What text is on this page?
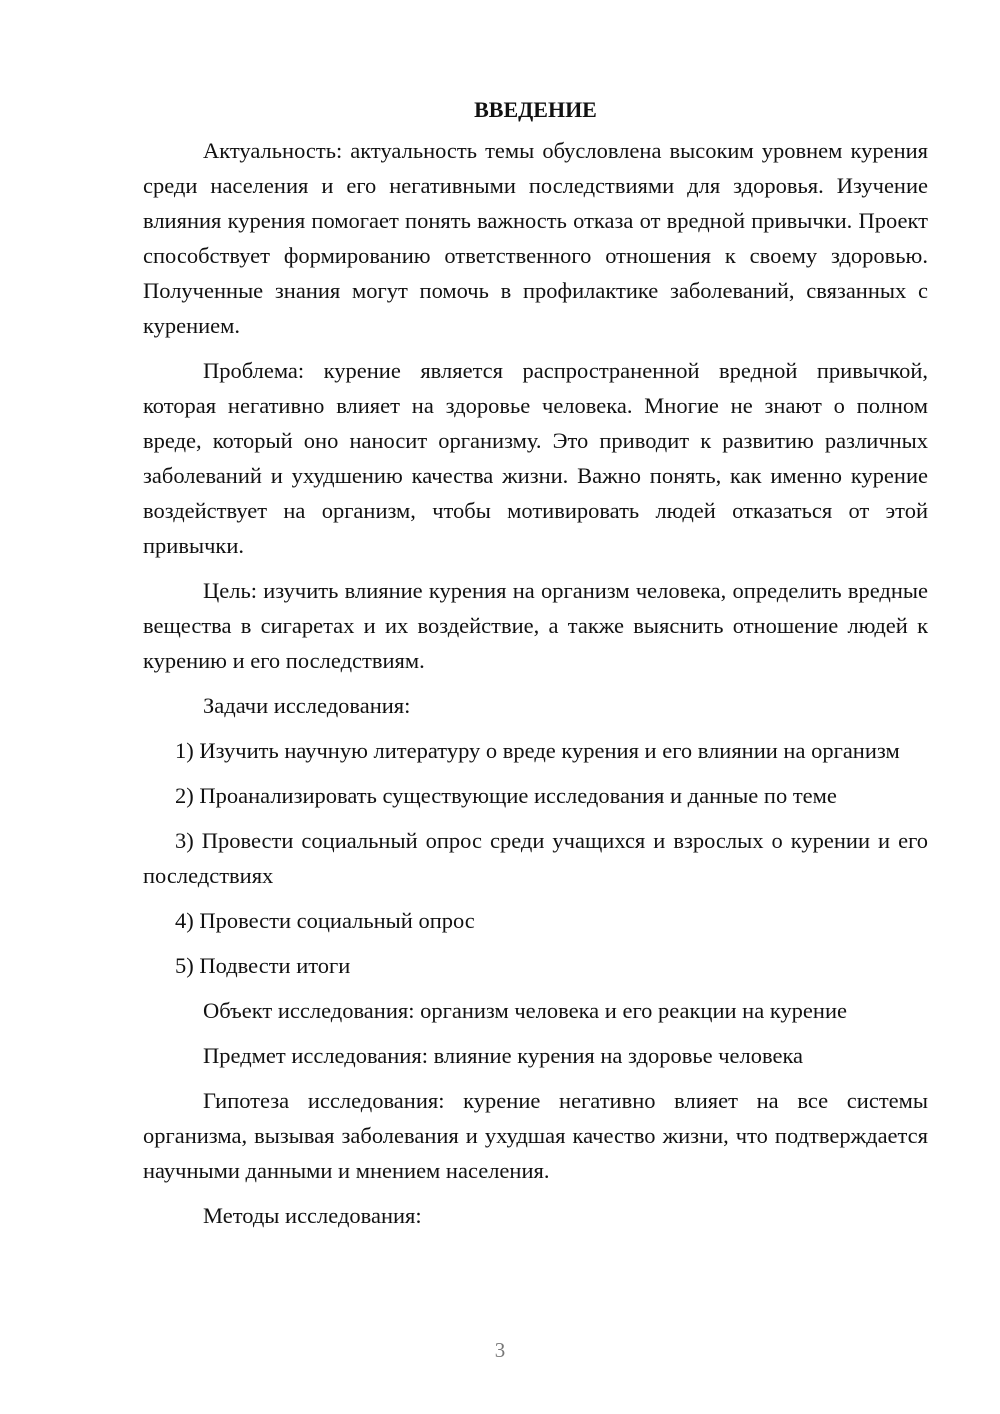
ВВЕДЕНИЕ

Актуальность: актуальность темы обусловлена высоким уровнем курения среди населения и его негативными последствиями для здоровья. Изучение влияния курения помогает понять важность отказа от вредной привычки. Проект способствует формированию ответственного отношения к своему здоровью. Полученные знания могут помочь в профилактике заболеваний, связанных с курением.

Проблема: курение является распространенной вредной привычкой, которая негативно влияет на здоровье человека. Многие не знают о полном вреде, который оно наносит организму. Это приводит к развитию различных заболеваний и ухудшению качества жизни. Важно понять, как именно курение воздействует на организм, чтобы мотивировать людей отказаться от этой привычки.

Цель: изучить влияние курения на организм человека, определить вредные вещества в сигаретах и их воздействие, а также выяснить отношение людей к курению и его последствиям.

Задачи исследования:

1) Изучить научную литературу о вреде курения и его влиянии на организм

2) Проанализировать существующие исследования и данные по теме

3) Провести социальный опрос среди учащихся и взрослых о курении и его последствиях

4) Провести социальный опрос

5) Подвести итоги

Объект исследования: организм человека и его реакции на курение

Предмет исследования: влияние курения на здоровье человека

Гипотеза исследования: курение негативно влияет на все системы организма, вызывая заболевания и ухудшая качество жизни, что подтверждается научными данными и мнением населения.

Методы исследования:

3
